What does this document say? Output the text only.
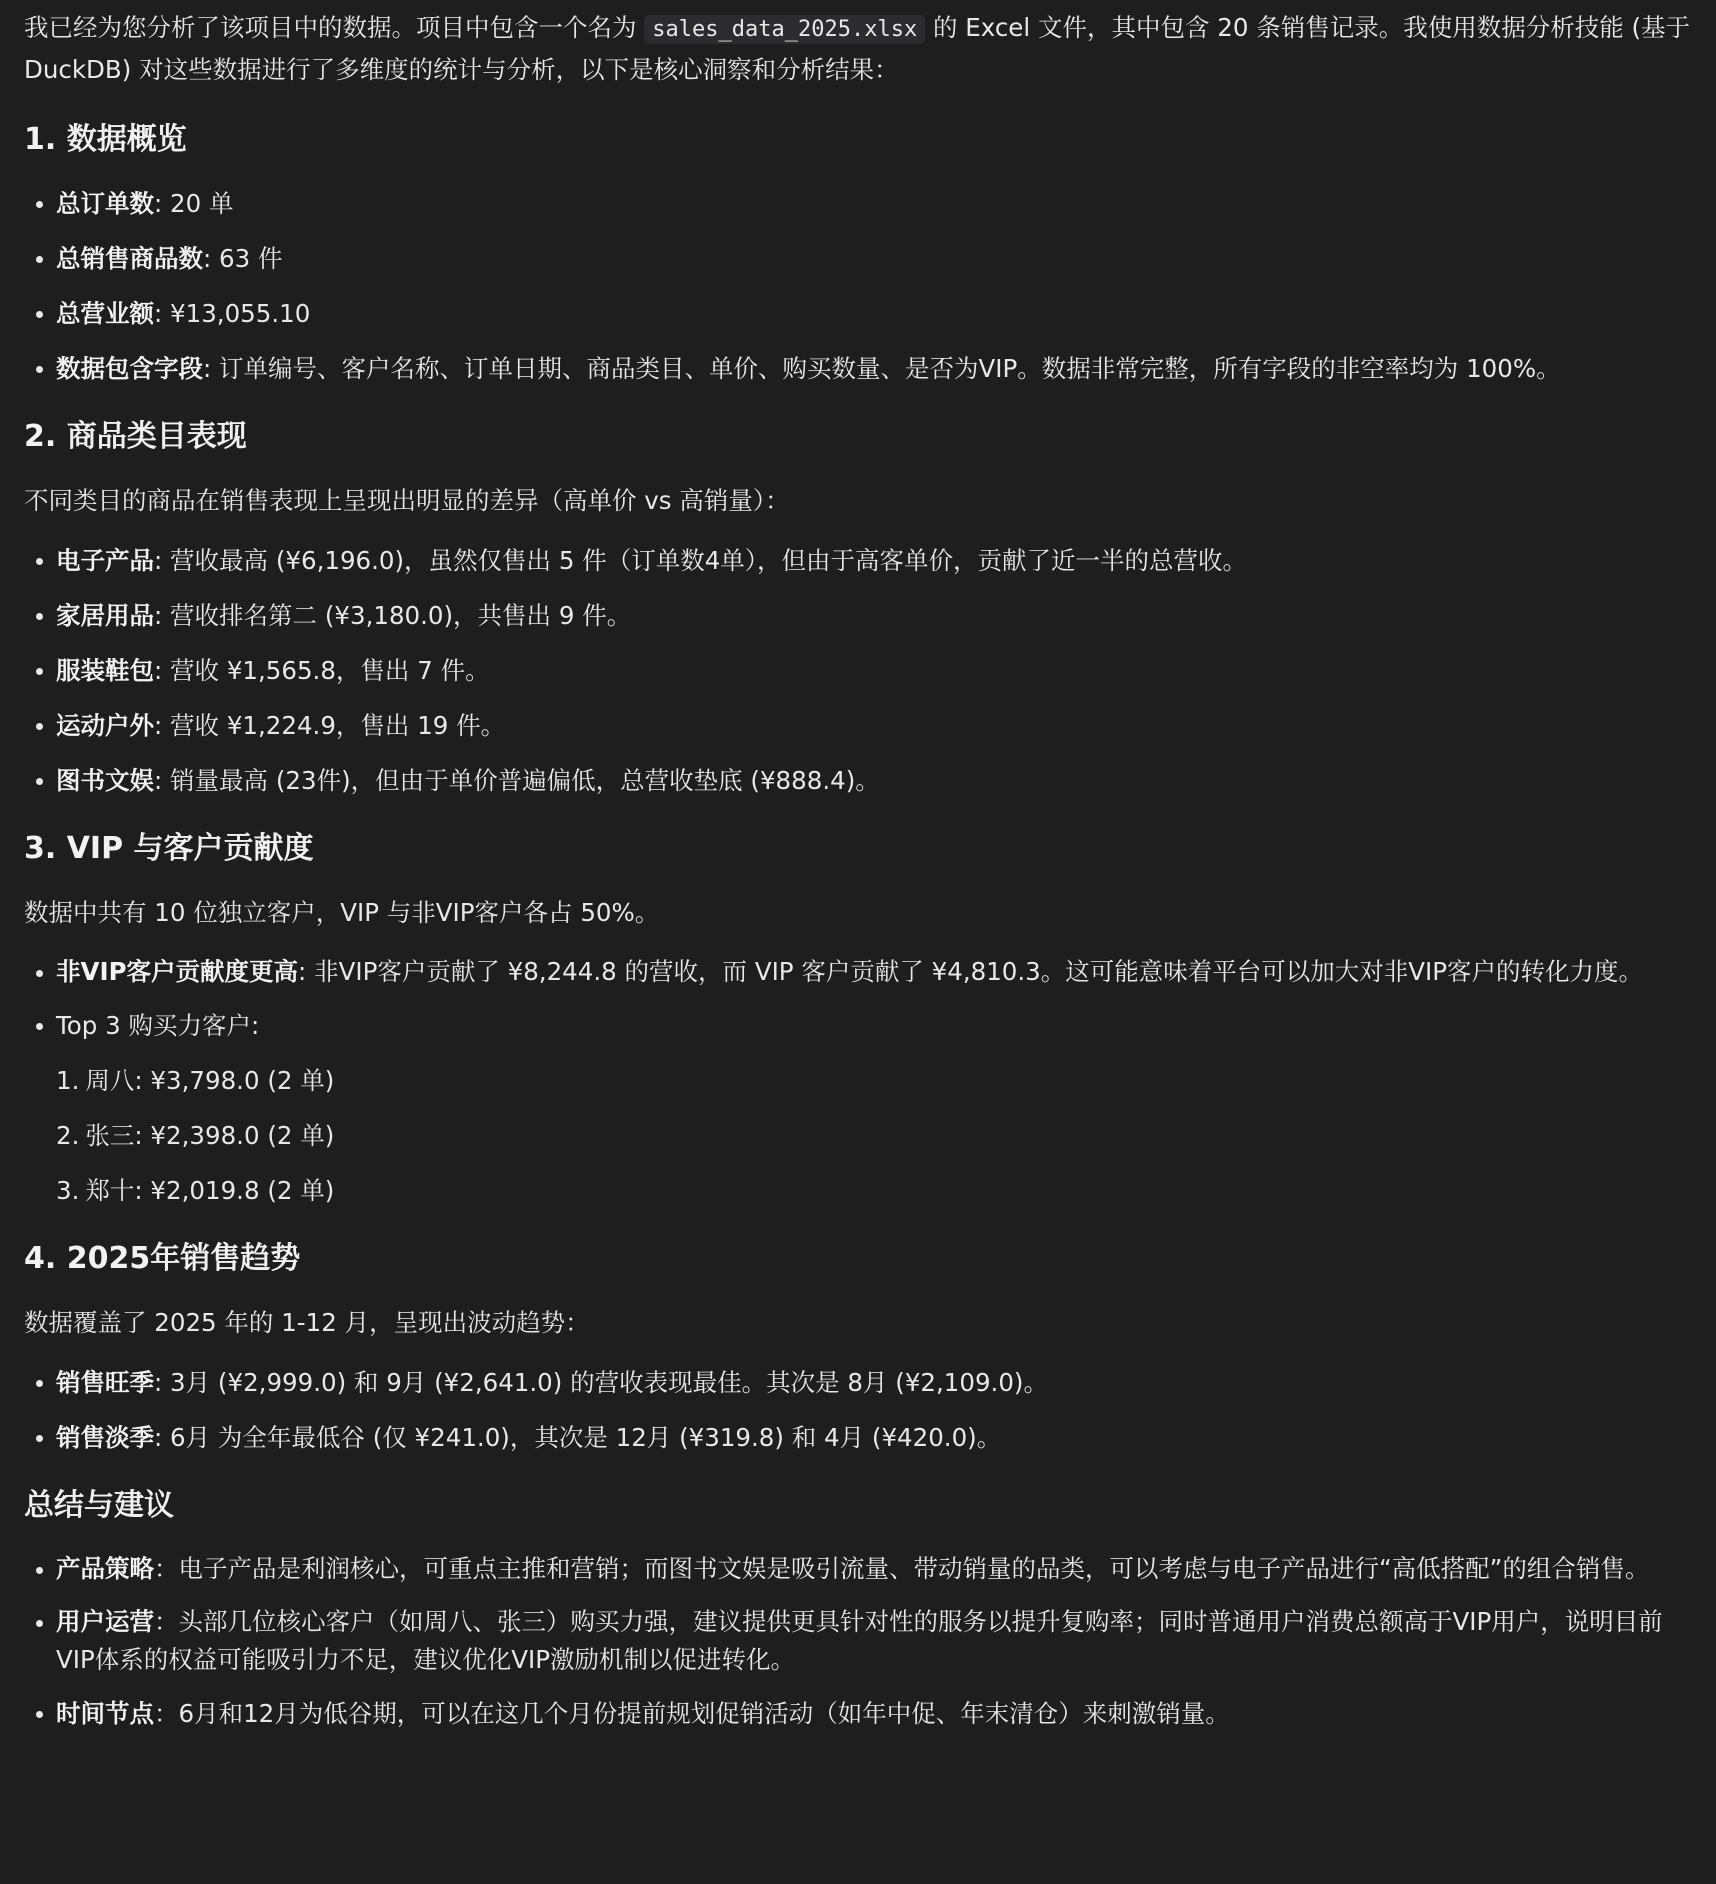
我已经为您分析了该项目中的数据。项目中包含一个名为 sales_data_2025.xlsx 的 Excel 文件，其中包含 20 条销售记录。我使用数据分析技能 (基于 DuckDB) 对这些数据进行了多维度的统计与分析，以下是核心洞察和分析结果：

1. 数据概览
总订单数: 20 单
总销售商品数: 63 件
总营业额: ¥13,055.10
数据包含字段: 订单编号、客户名称、订单日期、商品类目、单价、购买数量、是否为VIP。数据非常完整，所有字段的非空率均为 100%。
2. 商品类目表现

不同类目的商品在销售表现上呈现出明显的差异（高单价 vs 高销量）：

电子产品: 营收最高 (¥6,196.0)，虽然仅售出 5 件（订单数4单），但由于高客单价，贡献了近一半的总营收。
家居用品: 营收排名第二 (¥3,180.0)，共售出 9 件。
服装鞋包: 营收 ¥1,565.8，售出 7 件。
运动户外: 营收 ¥1,224.9，售出 19 件。
图书文娱: 销量最高 (23件)，但由于单价普遍偏低，总营收垫底 (¥888.4)。
3. VIP 与客户贡献度

数据中共有 10 位独立客户，VIP 与非VIP客户各占 50%。

非VIP客户贡献度更高: 非VIP客户贡献了 ¥8,244.8 的营收，而 VIP 客户贡献了 ¥4,810.3。这可能意味着平台可以加大对非VIP客户的转化力度。
Top 3 购买力客户:
1. 周八: ¥3,798.0 (2 单)
2. 张三: ¥2,398.0 (2 单)
3. 郑十: ¥2,019.8 (2 单)
4. 2025年销售趋势

数据覆盖了 2025 年的 1-12 月，呈现出波动趋势：

销售旺季: 3月 (¥2,999.0) 和 9月 (¥2,641.0) 的营收表现最佳。其次是 8月 (¥2,109.0)。
销售淡季: 6月 为全年最低谷 (仅 ¥241.0)，其次是 12月 (¥319.8) 和 4月 (¥420.0)。
总结与建议
产品策略：电子产品是利润核心，可重点主推和营销；而图书文娱是吸引流量、带动销量的品类，可以考虑与电子产品进行“高低搭配”的组合销售。
用户运营：头部几位核心客户（如周八、张三）购买力强，建议提供更具针对性的服务以提升复购率；同时普通用户消费总额高于VIP用户，说明目前VIP体系的权益可能吸引力不足，建议优化VIP激励机制以促进转化。
时间节点：6月和12月为低谷期，可以在这几个月份提前规划促销活动（如年中促、年末清仓）来刺激销量。
